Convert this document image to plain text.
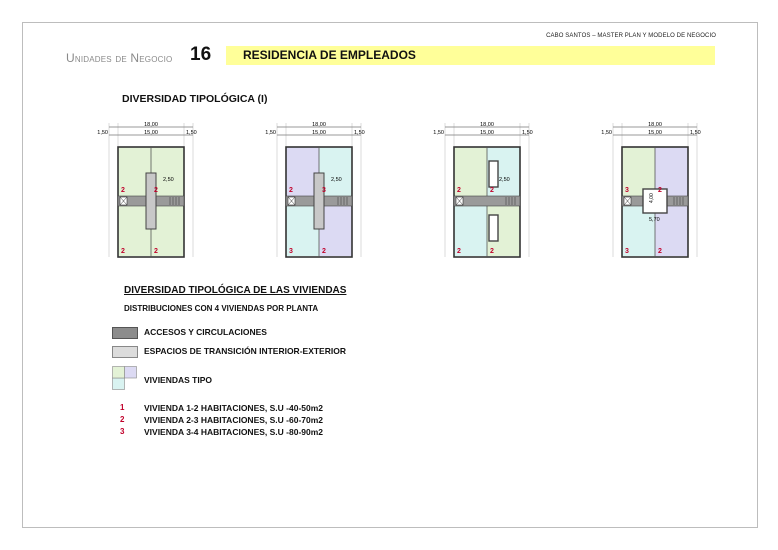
CABO SANTOS – MASTER PLAN Y MODELO DE NEGOCIO
Unidades de Negocio 16	RESIDENCIA DE EMPLEADOS
DIVERSIDAD TIPOLÓGICA (I)
18,00
15,00
1,50	1,50
2,50
2	2
2	2
18,00
15,00
1,50	1,50
2,50
2	3
3	2
18,00
15,00
1,50	1,50
2,50
2	2
2	2
18,00
15,00
1,50	1,50
4,00
5,70
3	2
3	2
DIVERSIDAD TIPOLÓGICA DE LAS VIVIENDAS
DISTRIBUCIONES CON 4 VIVIENDAS POR PLANTA
ACCESOS Y CIRCULACIONES
ESPACIOS DE TRANSICIÓN INTERIOR-EXTERIOR
VIVIENDAS TIPO
1 VIVIENDA 1-2 HABITACIONES, S.U -40-50m2
2 VIVIENDA 2-3 HABITACIONES, S.U -60-70m2
3 VIVIENDA 3-4 HABITACIONES, S.U -80-90m2
